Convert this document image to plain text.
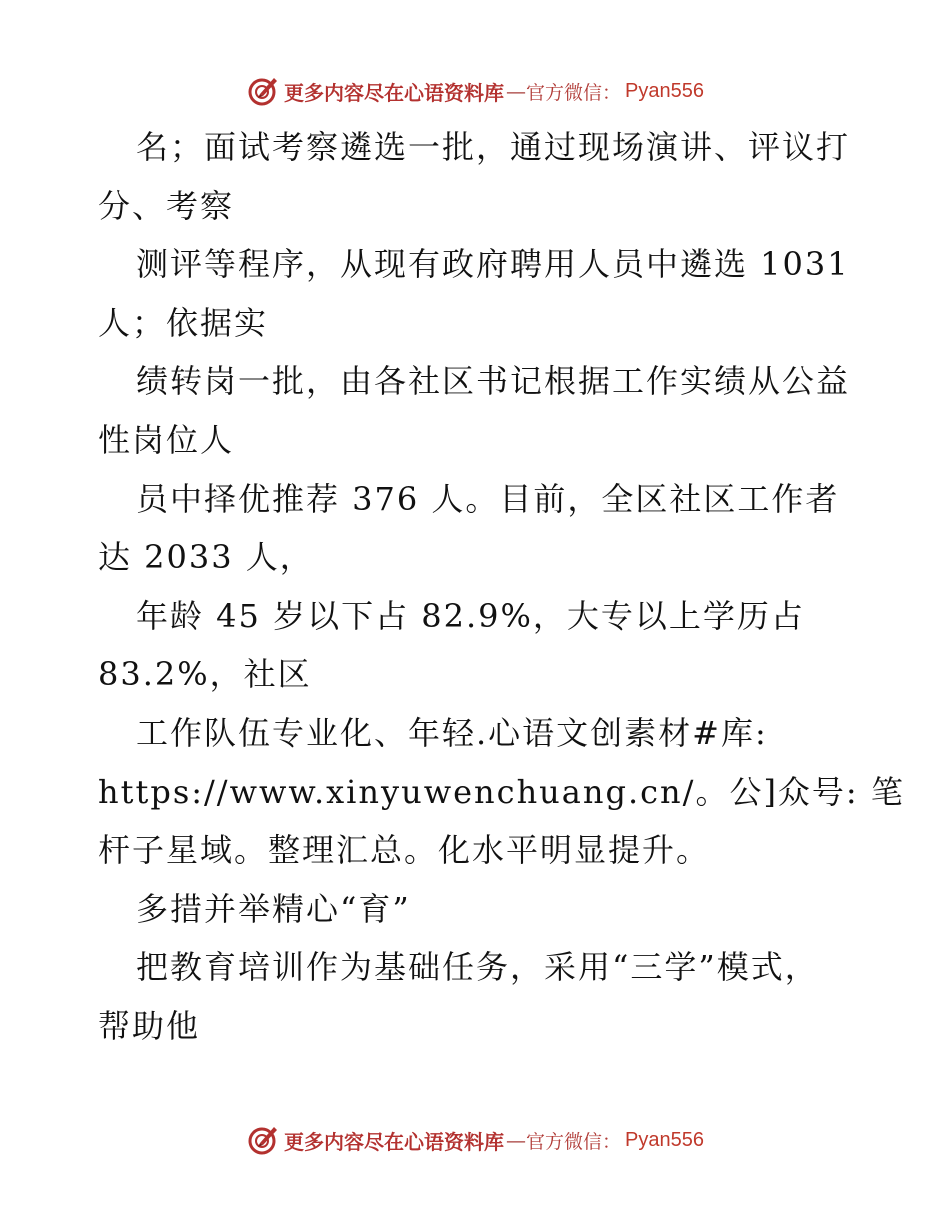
更多内容尽在心语资料库 — 官方微信： Pyan556
名；面试考察遴选一批，通过现场演讲、评议打
分、考察
测评等程序，从现有政府聘用人员中遴选 1031
人；依据实
绩转岗一批，由各社区书记根据工作实绩从公益
性岗位人
员中择优推荐 376 人。目前，全区社区工作者
达 2033 人，
年龄 45 岁以下占 82.9%，大专以上学历占
83.2%，社区
工作队伍专业化、年轻.心语文创素材#库:
https://www.xinyuwenchuang.cn/。公]众号: 笔
杆子星域。整理汇总。化水平明显提升。
多措并举精心“育”
把教育培训作为基础任务，采用“三学”模式，
帮助他
更多内容尽在心语资料库 — 官方微信： Pyan556
